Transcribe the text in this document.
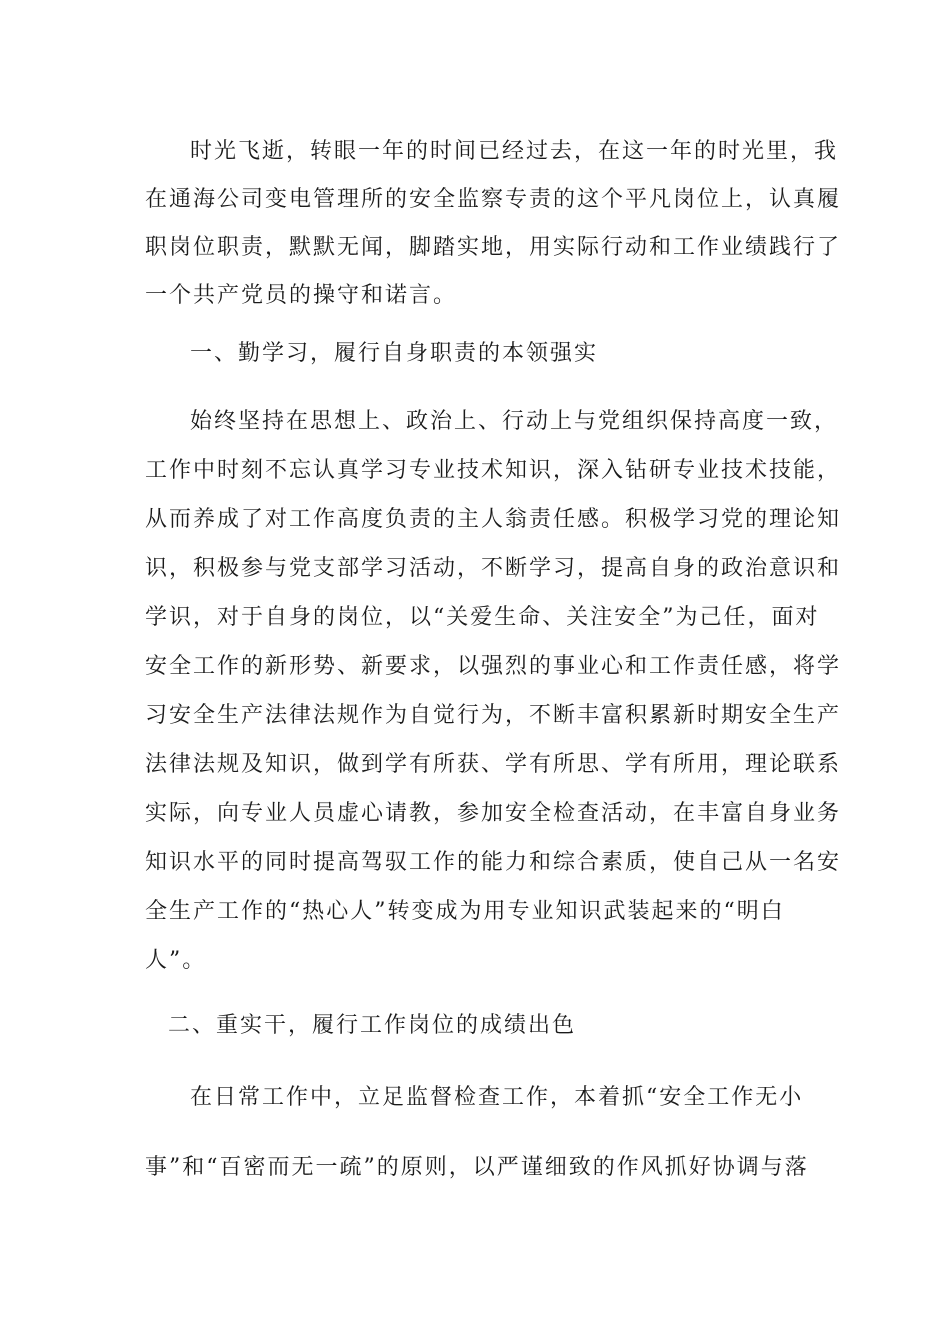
时光飞逝，转眼一年的时间已经过去，在这一年的时光里，我
在通海公司变电管理所的安全监察专责的这个平凡岗位上，认真履
职岗位职责，默默无闻，脚踏实地，用实际行动和工作业绩践行了
一个共产党员的操守和诺言。
一、勤学习，履行自身职责的本领强实
始终坚持在思想上、政治上、行动上与党组织保持高度一致，
工作中时刻不忘认真学习专业技术知识，深入钻研专业技术技能，
从而养成了对工作高度负责的主人翁责任感。积极学习党的理论知
识，积极参与党支部学习活动，不断学习，提高自身的政治意识和
学识，对于自身的岗位，以“关爱生命、关注安全”为己任，面对
安全工作的新形势、新要求，以强烈的事业心和工作责任感，将学
习安全生产法律法规作为自觉行为，不断丰富积累新时期安全生产
法律法规及知识，做到学有所获、学有所思、学有所用，理论联系
实际，向专业人员虚心请教，参加安全检查活动，在丰富自身业务
知识水平的同时提高驾驭工作的能力和综合素质，使自己从一名安
全生产工作的“热心人”转变成为用专业知识武装起来的“明白
人”。
二、重实干，履行工作岗位的成绩出色
在日常工作中，立足监督检查工作，本着抓“安全工作无小
事”和“百密而无一疏”的原则，以严谨细致的作风抓好协调与落
